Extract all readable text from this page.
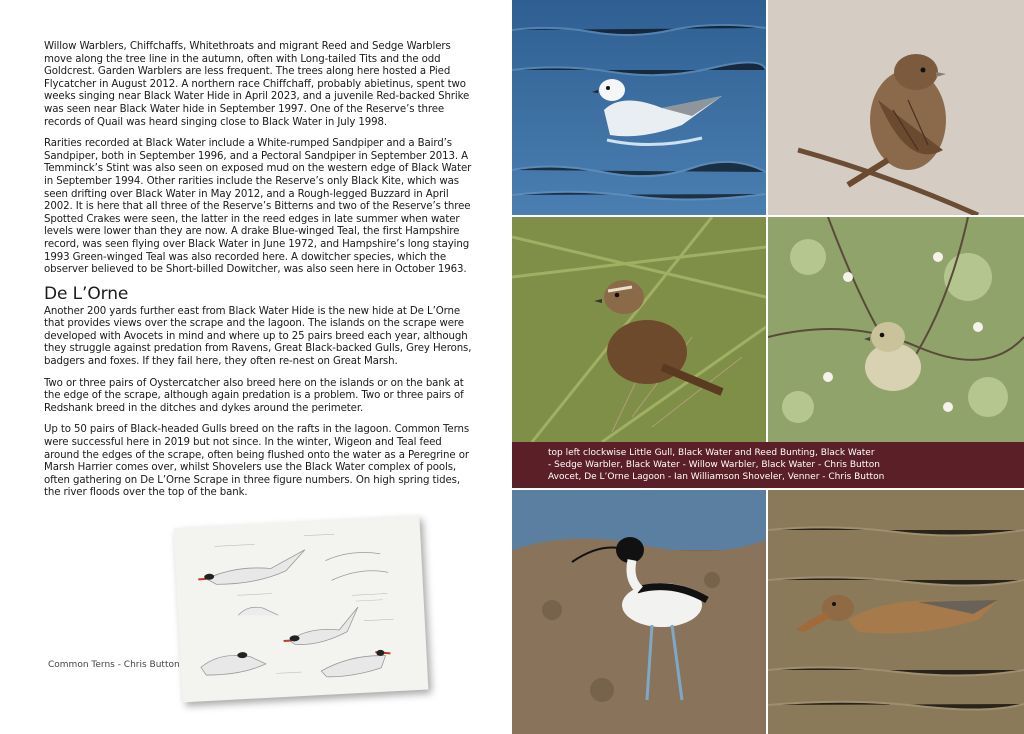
Willow Warblers, Chiffchaffs, Whitethroats and migrant Reed and Sedge Warblers move along the tree line in the autumn, often with Long-tailed Tits and the odd Goldcrest. Garden Warblers are less frequent. The trees along here hosted a Pied Flycatcher in August 2012. A northern race Chiffchaff, probably abietinus, spent two weeks singing near Black Water Hide in April 2023, and a juvenile Red-backed Shrike was seen near Black Water hide in September 1997. One of the Reserve’s three records of Quail was heard singing close to Black Water in July 1998.

Rarities recorded at Black Water include a White-rumped Sandpiper and a Baird’s Sandpiper, both in September 1996, and a Pectoral Sandpiper in September 2013. A Temminck’s Stint was also seen on exposed mud on the western edge of Black Water in September 1994. Other rarities include the Reserve’s only Black Kite, which was seen drifting over Black Water in May 2012, and a Rough-legged Buzzard in April 2002. It is here that all three of the Reserve’s Bitterns and two of the Reserve’s three Spotted Crakes were seen, the latter in the reed edges in late summer when water levels were lower than they are now. A drake Blue-winged Teal, the first Hampshire record, was seen flying over Black Water in June 1972, and Hampshire’s long staying 1993 Green-winged Teal was also recorded here. A dowitcher species, which the observer believed to be Short-billed Dowitcher, was also seen here in October 1963.

De L’Orne

Another 200 yards further east from Black Water Hide is the new hide at De L’Orne that provides views over the scrape and the lagoon. The islands on the scrape were developed with Avocets in mind and where up to 25 pairs breed each year, although they struggle against predation from Ravens, Great Black-backed Gulls, Grey Herons, badgers and foxes. If they fail here, they often re-nest on Great Marsh.

Two or three pairs of Oystercatcher also breed here on the islands or on the bank at the edge of the scrape, although again predation is a problem. Two or three pairs of Redshank breed in the ditches and dykes around the perimeter.

Up to 50 pairs of Black-headed Gulls breed on the rafts in the lagoon. Common Terns were successful here in 2019 but not since. In the winter, Wigeon and Teal feed around the edges of the scrape, often being flushed onto the water as a Peregrine or Marsh Harrier comes over, whilst Shovelers use the Black Water complex of pools, often gathering on De L’Orne Scrape in three figure numbers. On high spring tides, the river floods over the top of the bank.

Common Terns - Chris Button
top left clockwise Little Gull, Black Water and Reed Bunting, Black Water
- Sedge Warbler, Black Water - Willow Warbler, Black Water - Chris Button
Avocet, De L’Orne Lagoon - Ian Williamson Shoveler, Venner - Chris Button
